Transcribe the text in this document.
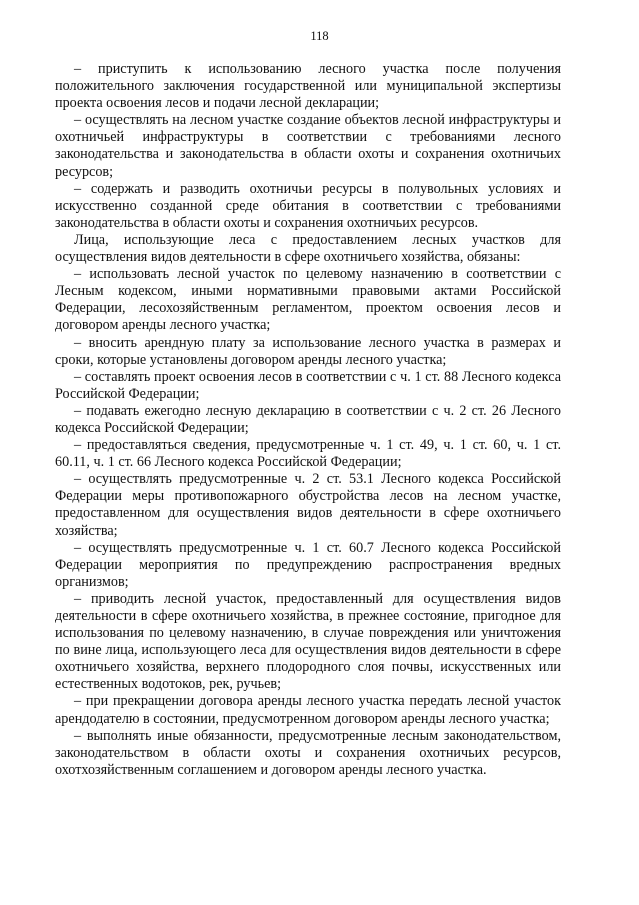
118

– приступить к использованию лесного участка после получения положительного заключения государственной или муниципальной экспертизы проекта освоения лесов и подачи лесной декларации;

– осуществлять на лесном участке создание объектов лесной инфраструктуры и охотничьей инфраструктуры в соответствии с требованиями лесного законодательства и законодательства в области охоты и сохранения охотничьих ресурсов;

– содержать и разводить охотничьи ресурсы в полувольных условиях и искусственно созданной среде обитания в соответствии с требованиями законодательства в области охоты и сохранения охотничьих ресурсов.

Лица, использующие леса с предоставлением лесных участков для осуществления видов деятельности в сфере охотничьего хозяйства, обязаны:

– использовать лесной участок по целевому назначению в соответствии с Лесным кодексом, иными нормативными правовыми актами Российской Федерации, лесохозяйственным регламентом, проектом освоения лесов и договором аренды лесного участка;

– вносить арендную плату за использование лесного участка в размерах и сроки, которые установлены договором аренды лесного участка;

– составлять проект освоения лесов в соответствии с ч. 1 ст. 88 Лесного кодекса Российской Федерации;

– подавать ежегодно лесную декларацию в соответствии с ч. 2 ст. 26 Лесного кодекса Российской Федерации;

– предоставляться сведения, предусмотренные ч. 1 ст. 49, ч. 1 ст. 60, ч. 1 ст. 60.11, ч. 1 ст. 66 Лесного кодекса Российской Федерации;

– осуществлять предусмотренные ч. 2 ст. 53.1 Лесного кодекса Российской Федерации меры противопожарного обустройства лесов на лесном участке, предоставленном для осуществления видов деятельности в сфере охотничьего хозяйства;

– осуществлять предусмотренные ч. 1 ст. 60.7 Лесного кодекса Российской Федерации мероприятия по предупреждению распространения вредных организмов;

– приводить лесной участок, предоставленный для осуществления видов деятельности в сфере охотничьего хозяйства, в прежнее состояние, пригодное для использования по целевому назначению, в случае повреждения или уничтожения по вине лица, использующего леса для осуществления видов деятельности в сфере охотничьего хозяйства, верхнего плодородного слоя почвы, искусственных или естественных водотоков, рек, ручьев;

– при прекращении договора аренды лесного участка передать лесной участок арендодателю в состоянии, предусмотренном договором аренды лесного участка;

– выполнять иные обязанности, предусмотренные лесным законодательством, законодательством в области охоты и сохранения охотничьих ресурсов, охотхозяйственным соглашением и договором аренды лесного участка.
